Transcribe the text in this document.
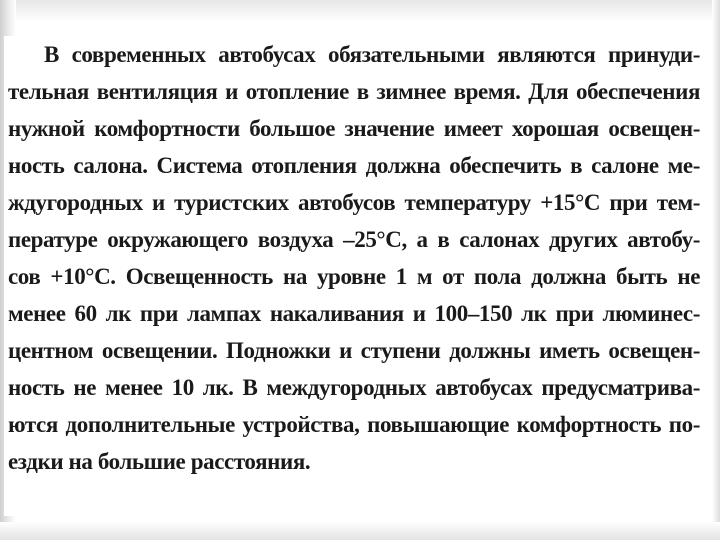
В современных автобусах обязательными являются принуди-
тельная вентиляция и отопление в зимнее время. Для обеспечения
нужной комфортности большое значение имеет хорошая освещен-
ность салона. Система отопления должна обеспечить в салоне ме-
ждугородных и туристских автобусов температуру +15°С при тем-
пературе окружающего воздуха –25°С, а в салонах других автобу-
сов +10°С. Освещенность на уровне 1 м от пола должна быть не
менее 60 лк при лампах накаливания и 100–150 лк при люминес-
центном освещении. Подножки и ступени должны иметь освещен-
ность не менее 10 лк. В междугородных автобусах предусматрива-
ются дополнительные устройства, повышающие комфортность по-
ездки на большие расстояния.
